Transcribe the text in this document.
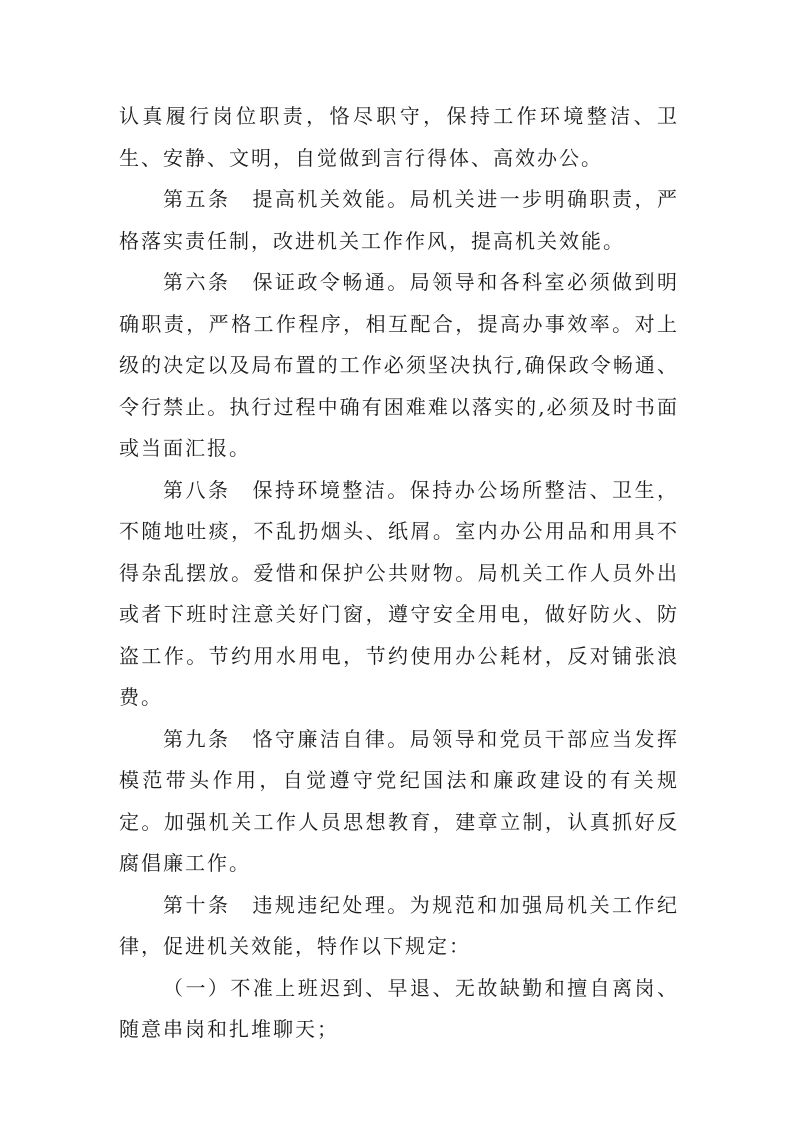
认真履行岗位职责，恪尽职守，保持工作环境整洁、卫生、安静、文明，自觉做到言行得体、高效办公。

第五条 提高机关效能。局机关进一步明确职责，严格落实责任制，改进机关工作作风，提高机关效能。

第六条 保证政令畅通。局领导和各科室必须做到明确职责，严格工作程序，相互配合，提高办事效率。对上级的决定以及局布置的工作必须坚决执行,确保政令畅通、令行禁止。执行过程中确有困难难以落实的,必须及时书面或当面汇报。

第八条 保持环境整洁。保持办公场所整洁、卫生，不随地吐痰，不乱扔烟头、纸屑。室内办公用品和用具不得杂乱摆放。爱惜和保护公共财物。局机关工作人员外出或者下班时注意关好门窗，遵守安全用电，做好防火、防盗工作。节约用水用电，节约使用办公耗材，反对铺张浪费。

第九条 恪守廉洁自律。局领导和党员干部应当发挥模范带头作用，自觉遵守党纪国法和廉政建设的有关规定。加强机关工作人员思想教育，建章立制，认真抓好反腐倡廉工作。

第十条 违规违纪处理。为规范和加强局机关工作纪律，促进机关效能，特作以下规定：

（一）不准上班迟到、早退、无故缺勤和擅自离岗、随意串岗和扎堆聊天；
